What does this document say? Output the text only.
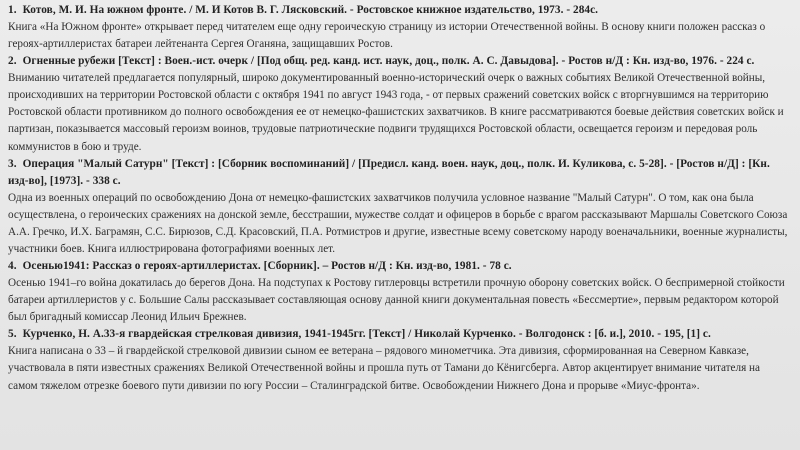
1. Котов, М. И. На южном фронте. / М. И Котов В. Г. Лясковский. - Ростовское книжное издательство, 1973. - 284с.
Книга «На Южном фронте» открывает перед читателем еще одну героическую страницу из истории Отечественной войны. В основу книги положен рассказ о героях-артиллеристах батареи лейтенанта Сергея Оганяна, защищавших Ростов.
2. Огненные рубежи [Текст] : Воен.-ист. очерк / [Под общ. ред. канд. ист. наук, доц., полк. А. С. Давыдова]. - Ростов н/Д : Кн. изд-во, 1976. - 224 с.
Вниманию читателей предлагается популярный, широко документированный военно-исторический очерк о важных событиях Великой Отечественной войны, происходивших на территории Ростовской области с октября 1941 по август 1943 года, - от первых сражений советских войск с вторгнувшимся на территорию Ростовской области противником до полного освобождения ее от немецко-фашистских захватчиков. В книге рассматриваются боевые действия советских войск и партизан, показывается массовый героизм воинов, трудовые патриотические подвиги трудящихся Ростовской области, освещается героизм и передовая роль коммунистов в бою и труде.
3. Операция "Малый Сатурн" [Текст] : [Сборник воспоминаний] / [Предисл. канд. воен. наук, доц., полк. И. Куликова, с. 5-28]. - [Ростов н/Д] : [Кн. изд-во], [1973]. - 338 с.
Одна из военных операций по освобождению Дона от немецко-фашистских захватчиков получила условное название "Малый Сатурн". О том, как она была осуществлена, о героических сражениях на донской земле, бесстрашии, мужестве солдат и офицеров в борьбе с врагом рассказывают Маршалы Советского Союза А.А. Гречко, И.Х. Баграмян, С.С. Бирюзов, С.Д. Красовский, П.А. Ротмистров и другие, известные всему советскому народу военачальники, военные журналисты, участники боев. Книга иллюстрирована фотографиями военных лет.
4. Осенью1941: Рассказ о героях-артиллеристах. [Сборник]. – Ростов н/Д : Кн. изд-во, 1981. - 78 с.
Осенью 1941–го война докатилась до берегов Дона. На подступах к Ростову гитлеровцы встретили прочную оборону советских войск. О беспримерной стойкости батареи артиллеристов у с. Большие Салы рассказывает составляющая основу данной книги документальная повесть «Бессмертие», первым редактором которой был бригадный комиссар Леонид Ильич Брежнев.
5. Курченко, Н. А.33-я гвардейская стрелковая дивизия, 1941-1945гг. [Текст] / Николай Курченко. - Волгодонск : [б. и.], 2010. - 195, [1] с.
Книга написана о 33 – й гвардейской стрелковой дивизии сыном ее ветерана – рядового минометчика. Эта дивизия, сформированная на Северном Кавказе, участвовала в пяти известных сражениях Великой Отечественной войны и прошла путь от Тамани до Кёнигсберга. Автор акцентирует внимание читателя на самом тяжелом отрезке боевого пути дивизии по югу России – Сталинградской битве. Освобождении Нижнего Дона и прорыве «Миус-фронта».
